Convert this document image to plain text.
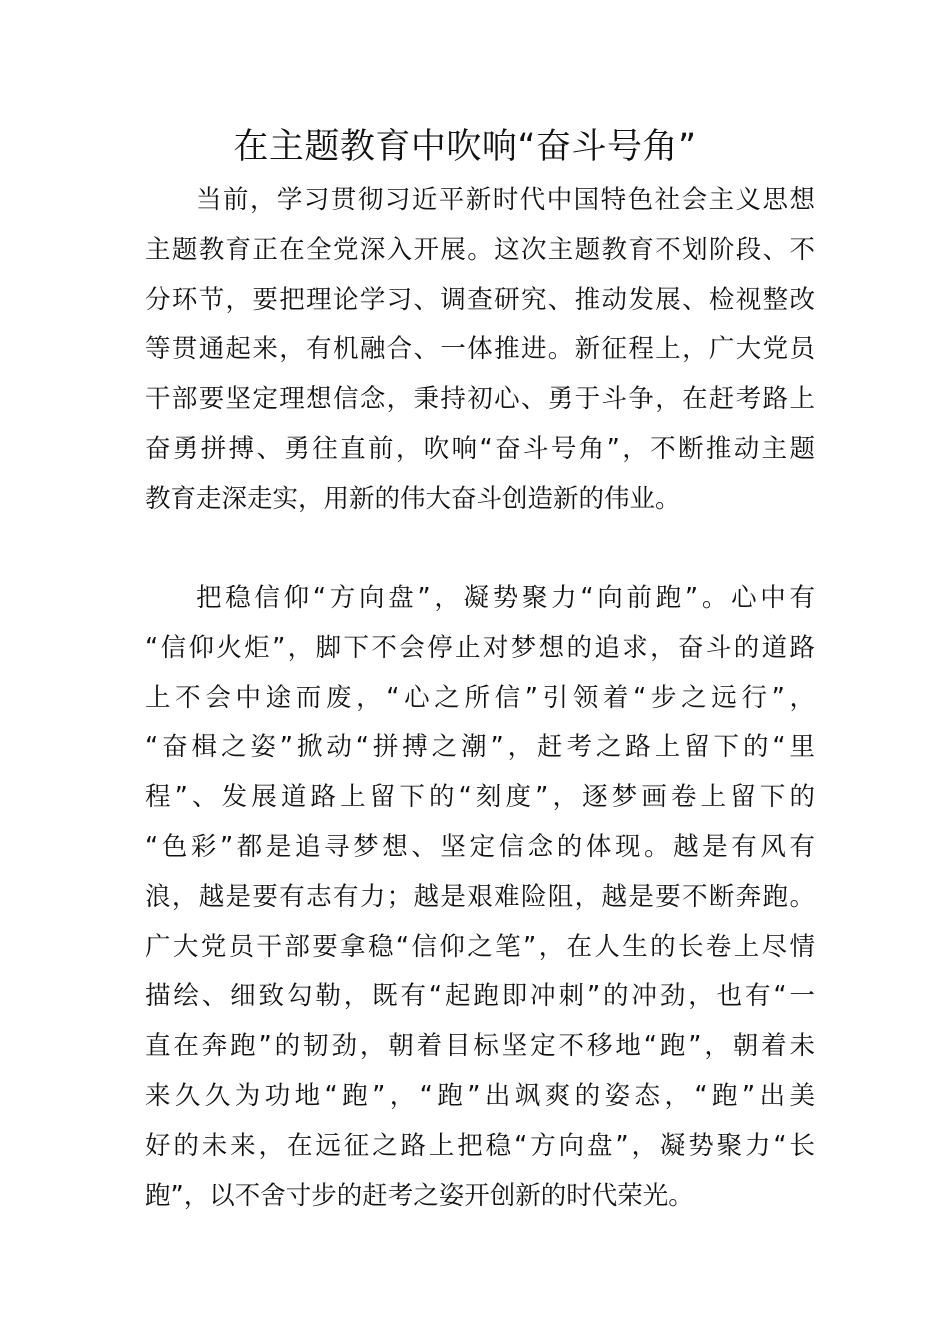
在主题教育中吹响“奋斗号角”
当前，学习贯彻习近平新时代中国特色社会主义思想
主题教育正在全党深入开展。这次主题教育不划阶段、不
分环节，要把理论学习、调查研究、推动发展、检视整改
等贯通起来，有机融合、一体推进。新征程上，广大党员
干部要坚定理想信念，秉持初心、勇于斗争，在赶考路上
奋勇拼搏、勇往直前，吹响“奋斗号角”，不断推动主题
教育走深走实，用新的伟大奋斗创造新的伟业。
把稳信仰“方向盘”，凝势聚力“向前跑”。心中有
“信仰火炬”，脚下不会停止对梦想的追求，奋斗的道路
上不会中途而废，“心之所信”引领着“步之远行”，
“奋楫之姿”掀动“拼搏之潮”，赶考之路上留下的“里
程”、发展道路上留下的“刻度”，逐梦画卷上留下的
“色彩”都是追寻梦想、坚定信念的体现。越是有风有
浪，越是要有志有力；越是艰难险阻，越是要不断奔跑。
广大党员干部要拿稳“信仰之笔”，在人生的长卷上尽情
描绘、细致勾勒，既有“起跑即冲刺”的冲劲，也有“一
直在奔跑”的韧劲，朝着目标坚定不移地“跑”，朝着未
来久久为功地“跑”，“跑”出飒爽的姿态，“跑”出美
好的未来，在远征之路上把稳“方向盘”，凝势聚力“长
跑”，以不舍寸步的赶考之姿开创新的时代荣光。
